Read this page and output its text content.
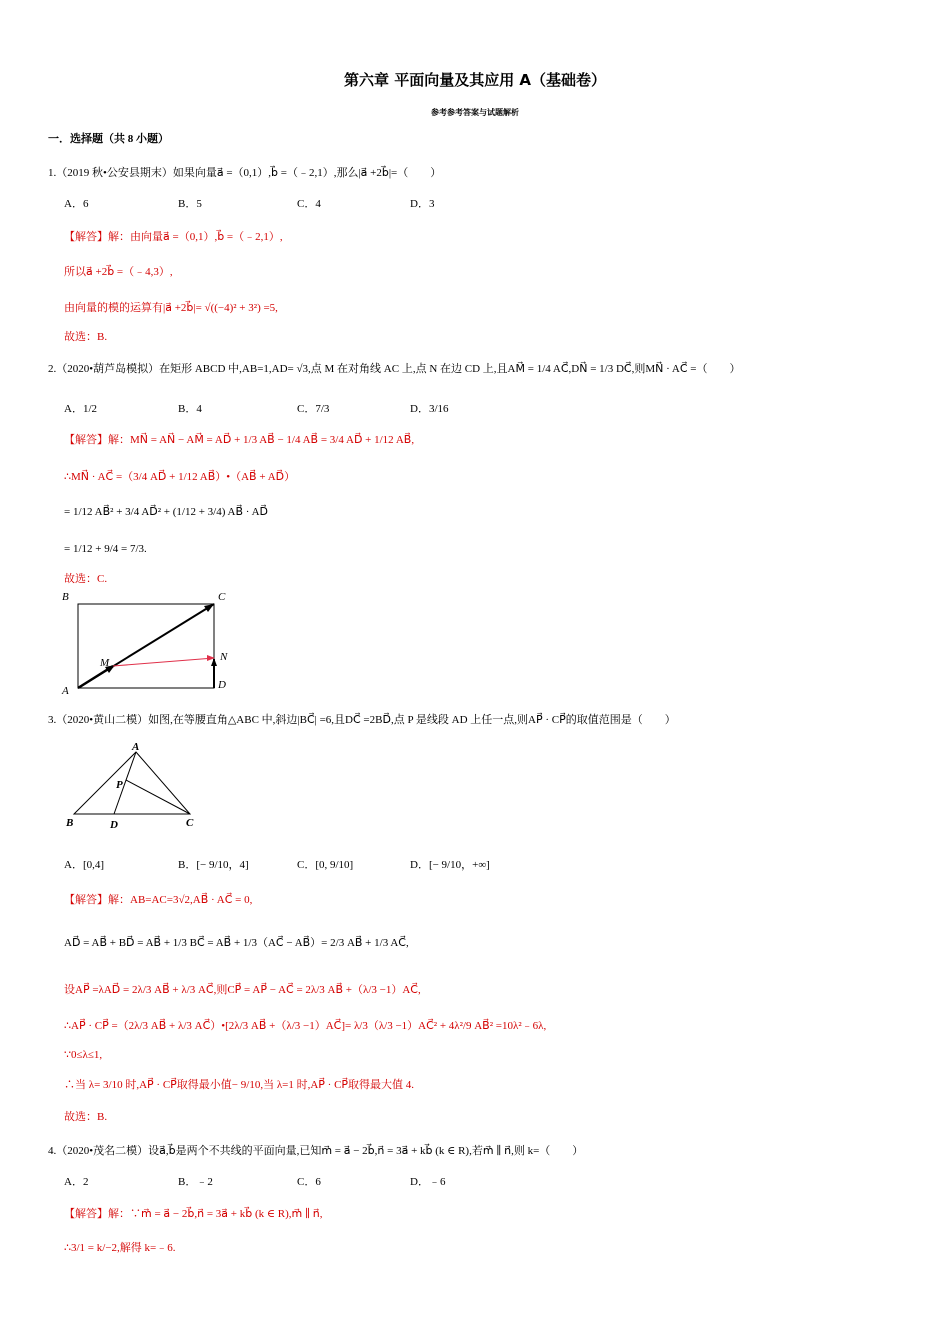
第六章 平面向量及其应用 A（基础卷）
参考参考答案与试题解析
一．选择题（共 8 小题）
1.（2019 秋•公安县期末）如果向量a⃗ =（0,1）,b⃗ =（﹣2,1）,那么|a⃗ +2b⃗|=（　　）
A．6	B．5	C．4	D．3
【解答】解：由向量a⃗ =（0,1）,b⃗ =（﹣2,1）,
所以a⃗ +2b⃗ =（﹣4,3）,
由向量的模的运算有|a⃗ +2b⃗|= √((−4)² + 3²) =5,
故选：B.
2.（2020•葫芦岛模拟）在矩形 ABCD 中,AB=1,AD= √3,点 M 在对角线 AC 上,点 N 在边 CD 上,且AM⃗ = 1/4 AC⃗,DN⃗ = 1/3 DC⃗,则MN⃗ · AC⃗ =（　　）
A．1/2	B．4	C．7/3	D．3/16
【解答】解：MN⃗ = AN⃗ − AM⃗ = AD⃗ + 1/3 AB⃗ − 1/4 AB⃗ = 3/4 AD⃗ + 1/12 AB⃗,
∴MN⃗ · AC⃗ =（3/4 AD⃗ + 1/12 AB⃗）•（AB⃗ + AD⃗）
= 1/12 AB⃗² + 3/4 AD⃗² + (1/12 + 3/4) AB⃗ · AD⃗
= 1/12 + 9/4 = 7/3.
故选：C.
B	C
M	N
A	D
3.（2020•黄山二模）如图,在等腰直角△ABC 中,斜边|BC⃗| =6,且DC⃗ =2BD⃗,点 P 是线段 AD 上任一点,则AP⃗ · CP⃗的取值范围是（　　）
A
P
B	D	C
A．[0,4]	B．[− 9/10，4]	C．[0, 9/10]	D．[− 9/10，+∞]
【解答】解：AB=AC=3√2,AB⃗ · AC⃗ = 0,
AD⃗ = AB⃗ + BD⃗ = AB⃗ + 1/3 BC⃗ = AB⃗ + 1/3（AC⃗ − AB⃗）= 2/3 AB⃗ + 1/3 AC⃗,
设AP⃗ =λAD⃗ = 2λ/3 AB⃗ + λ/3 AC⃗,则CP⃗ = AP⃗ − AC⃗ = 2λ/3 AB⃗ +（λ/3 −1）AC⃗,
∴AP⃗ · CP⃗ =（2λ/3 AB⃗ + λ/3 AC⃗）•[2λ/3 AB⃗ +（λ/3 −1）AC⃗]= λ/3（λ/3 −1）AC⃗² + 4λ²/9 AB⃗² =10λ²﹣6λ,
∵0≤λ≤1,
∴当 λ= 3/10 时,AP⃗ · CP⃗取得最小值− 9/10,当 λ=1 时,AP⃗ · CP⃗取得最大值 4.
故选：B.
4.（2020•茂名二模）设a⃗,b⃗是两个不共线的平面向量,已知m⃗ = a⃗ − 2b⃗,n⃗ = 3a⃗ + kb⃗ (k ∈ R),若m⃗ ∥ n⃗,则 k=（　　）
A．2	B．﹣2	C．6	D．﹣6
【解答】解：∵m⃗ = a⃗ − 2b⃗,n⃗ = 3a⃗ + kb⃗ (k ∈ R),m⃗ ∥ n⃗,
∴3/1 = k/−2,解得 k=﹣6.
